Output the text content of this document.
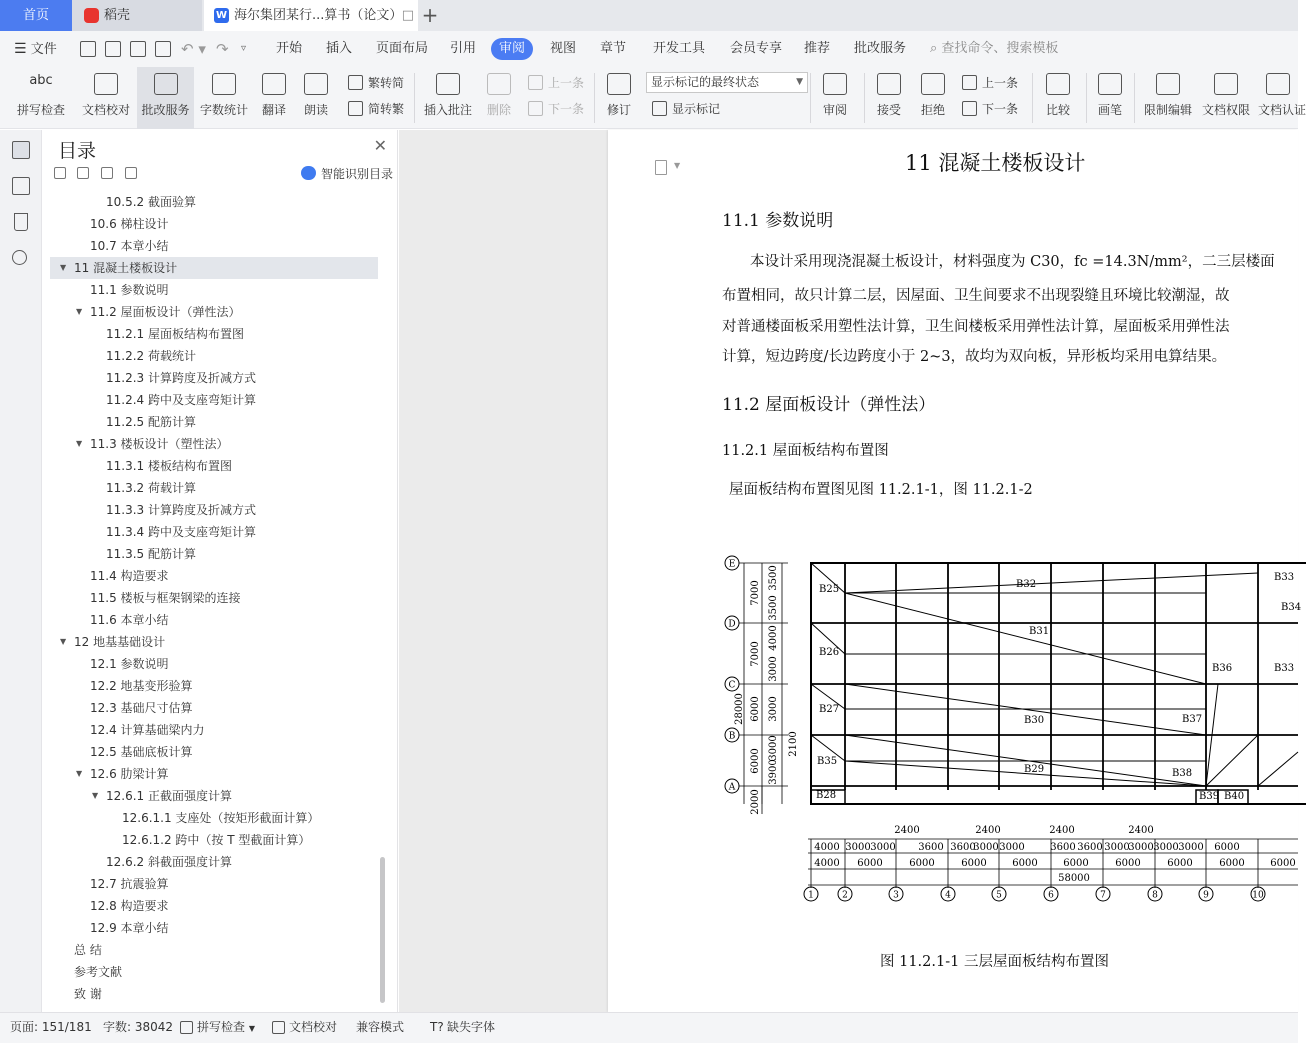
首页	稻壳	W 海尔集团某行...算书（论文） □ +
☰ 文件	↶ ▾ ↷ ▿ 开始 插入 页面布局 引用	审阅	视图 章节 开发工具 会员专享 推荐 批改服务 ⌕ 查找命令、搜索模板
abc
拼写检查	文档校对 批改服务 字数统计	翻译	朗读
繁转简
简转繁	插入批注	删除
上一条
下一条	修订
显示标记的最终状态	▼
显示标记	审阅	接受	拒绝
上一条
下一条	比较	画笔	限制编辑 文档权限 文档认证
目录	✕
智能识别目录
10.5.2 截面验算
10.6 梯柱设计
10.7 本章小结
▼ 11 混凝土楼板设计
11.1 参数说明
▼ 11.2 屋面板设计（弹性法）
11.2.1 屋面板结构布置图
11.2.2 荷载统计
11.2.3 计算跨度及折减方式
11.2.4 跨中及支座弯矩计算
11.2.5 配筋计算
▼ 11.3 楼板设计（塑性法）
11.3.1 楼板结构布置图
11.3.2 荷载计算
11.3.3 计算跨度及折减方式
11.3.4 跨中及支座弯矩计算
11.3.5 配筋计算
11.4 构造要求
11.5 楼板与框架钢梁的连接
11.6 本章小结
▼ 12 地基基础设计
12.1 参数说明
12.2 地基变形验算
12.3 基础尺寸估算
12.4 计算基础梁内力
12.5 基础底板计算
▼ 12.6 肋梁计算
▼ 12.6.1 正截面强度计算
12.6.1.1 支座处（按矩形截面计算）
12.6.1.2 跨中（按 T 型截面计算）
12.6.2 斜截面强度计算
12.7 抗震验算
12.8 构造要求
12.9 本章小结
总 结
参考文献
致 谢
▼	11 混凝土楼板设计
11.1 参数说明
本设计采用现浇混凝土板设计，材料强度为 C30，fc =14.3N/mm²，二三层楼面
布置相同，故只计算二层，因屋面、卫生间要求不出现裂缝且环境比较潮湿，故
对普通楼面板采用塑性法计算，卫生间楼板采用弹性法计算，屋面板采用弹性法
计算，短边跨度/长边跨度小于 2~3，故均为双向板，异形板均采用电算结果。
11.2 屋面板设计（弹性法）
11.2.1 屋面板结构布置图
屋面板结构布置图见图 11.2.1-1，图 11.2.1-2
B25	B32
B33
B34
B31
B26
B36	B33
B27
B30	B37
B35
B29	B38
B28	B39 B40
E
D
C
B
A
7000
7000
6000
6000
3500
3500
4000
3000
3000
3000
3900
28000
2100
2000
2400	2400	2400	2400
4000 3000 3000 3600 3600
3000 3000	3600 3600 3000
3000 3000 3000 6000
4000 6000	6000	6000	6000	6000	6000	6000	6000	6000
58000
1	2	3	4	5	6	7	8	9	10
图 11.2.1-1 三层屋面板结构布置图
页面: 151/181 字数: 38042	拼写检查 ▼	文档校对 兼容模式 T? 缺失字体
